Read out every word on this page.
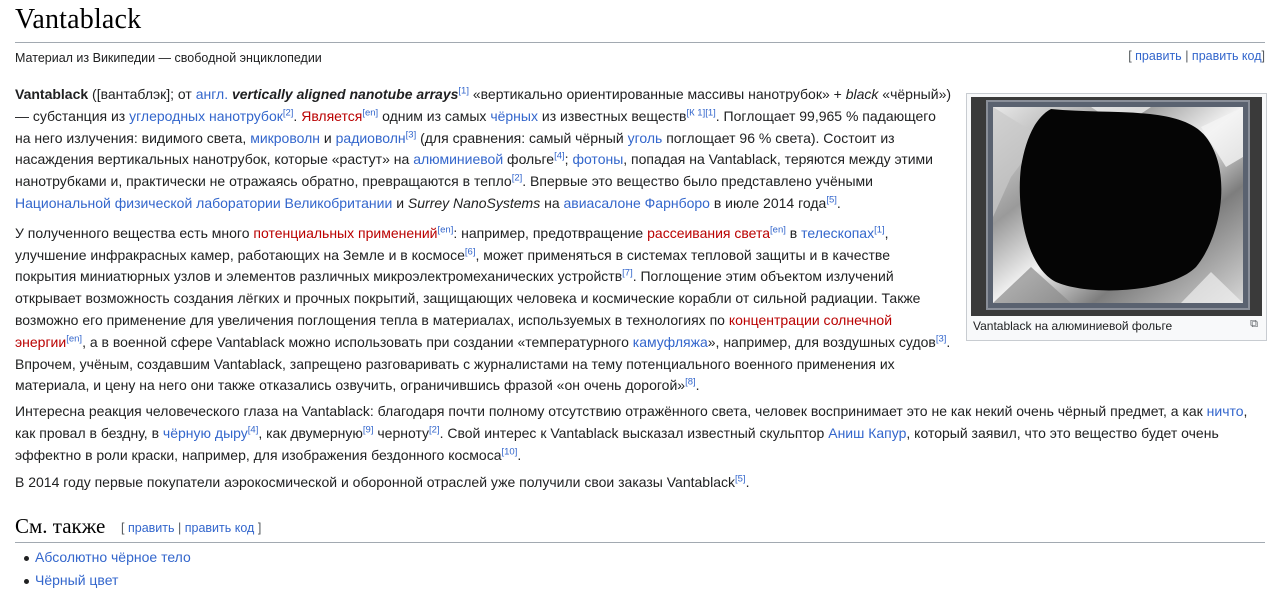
Vantablack
Материал из Википедии — свободной энциклопедии	[ править | править код]

Vantablack ([вантаблэк]; от англ. vertically aligned nanotube arrays[1] «вертикально ориентированные массивы нанотрубок» + black «чёрный») — субстанция из углеродных нанотрубок[2]. Является[en] одним из самых чёрных из известных веществ[К 1][1]. Поглощает 99,965 % падающего на него излучения: видимого света, микроволн и радиоволн[3] (для сравнения: самый чёрный уголь поглощает 96 % света). Состоит из насаждения вертикальных нанотрубок, которые «растут» на алюминиевой фольге[4]; фотоны, попадая на Vantablack, теряются между этими нанотрубками и, практически не отражаясь обратно, превращаются в тепло[2]. Впервые это вещество было представлено учёными Национальной физической лаборатории Великобритании и Surrey NanoSystems на авиасалоне Фарнборо в июле 2014 года[5].

У полученного вещества есть много потенциальных применений[en]: например, предотвращение рассеивания света[en] в телескопах[1], улучшение инфракрасных камер, работающих на Земле и в космосе[6], может применяться в системах тепловой защиты и в качестве покрытия миниатюрных узлов и элементов различных микроэлектромеханических устройств[7]. Поглощение этим объектом излучений открывает возможность создания лёгких и прочных покрытий, защищающих человека и космические корабли от сильной радиации. Также возможно его применение для увеличения поглощения тепла в материалах, используемых в технологиях по концентрации солнечной энергии[en], а в военной сфере Vantablack можно использовать при создании «температурного камуфляжа», например, для воздушных судов[3]. Впрочем, учёным, создавшим Vantablack, запрещено разговаривать с журналистами на тему потенциального военного применения их материала, и цену на него они также отказались озвучить, ограничившись фразой «он очень дорогой»[8].

Vantablack на алюминиевой фольге	⧉
Интересна реакция человеческого глаза на Vantablack: благодаря почти полному отсутствию отражённого света, человек воспринимает это не как некий очень чёрный предмет, а как ничто, как провал в бездну, в чёрную дыру[4], как двумерную[9] черноту[2]. Свой интерес к Vantablack высказал известный скульптор Аниш Капур, который заявил, что это вещество будет очень эффектно в роли краски, например, для изображения бездонного космоса[10].
В 2014 году первые покупатели аэрокосмической и оборонной отраслей уже получили свои заказы Vantablack[5].
См. также [ править | править код ]
Абсолютно чёрное тело
Чёрный цвет
